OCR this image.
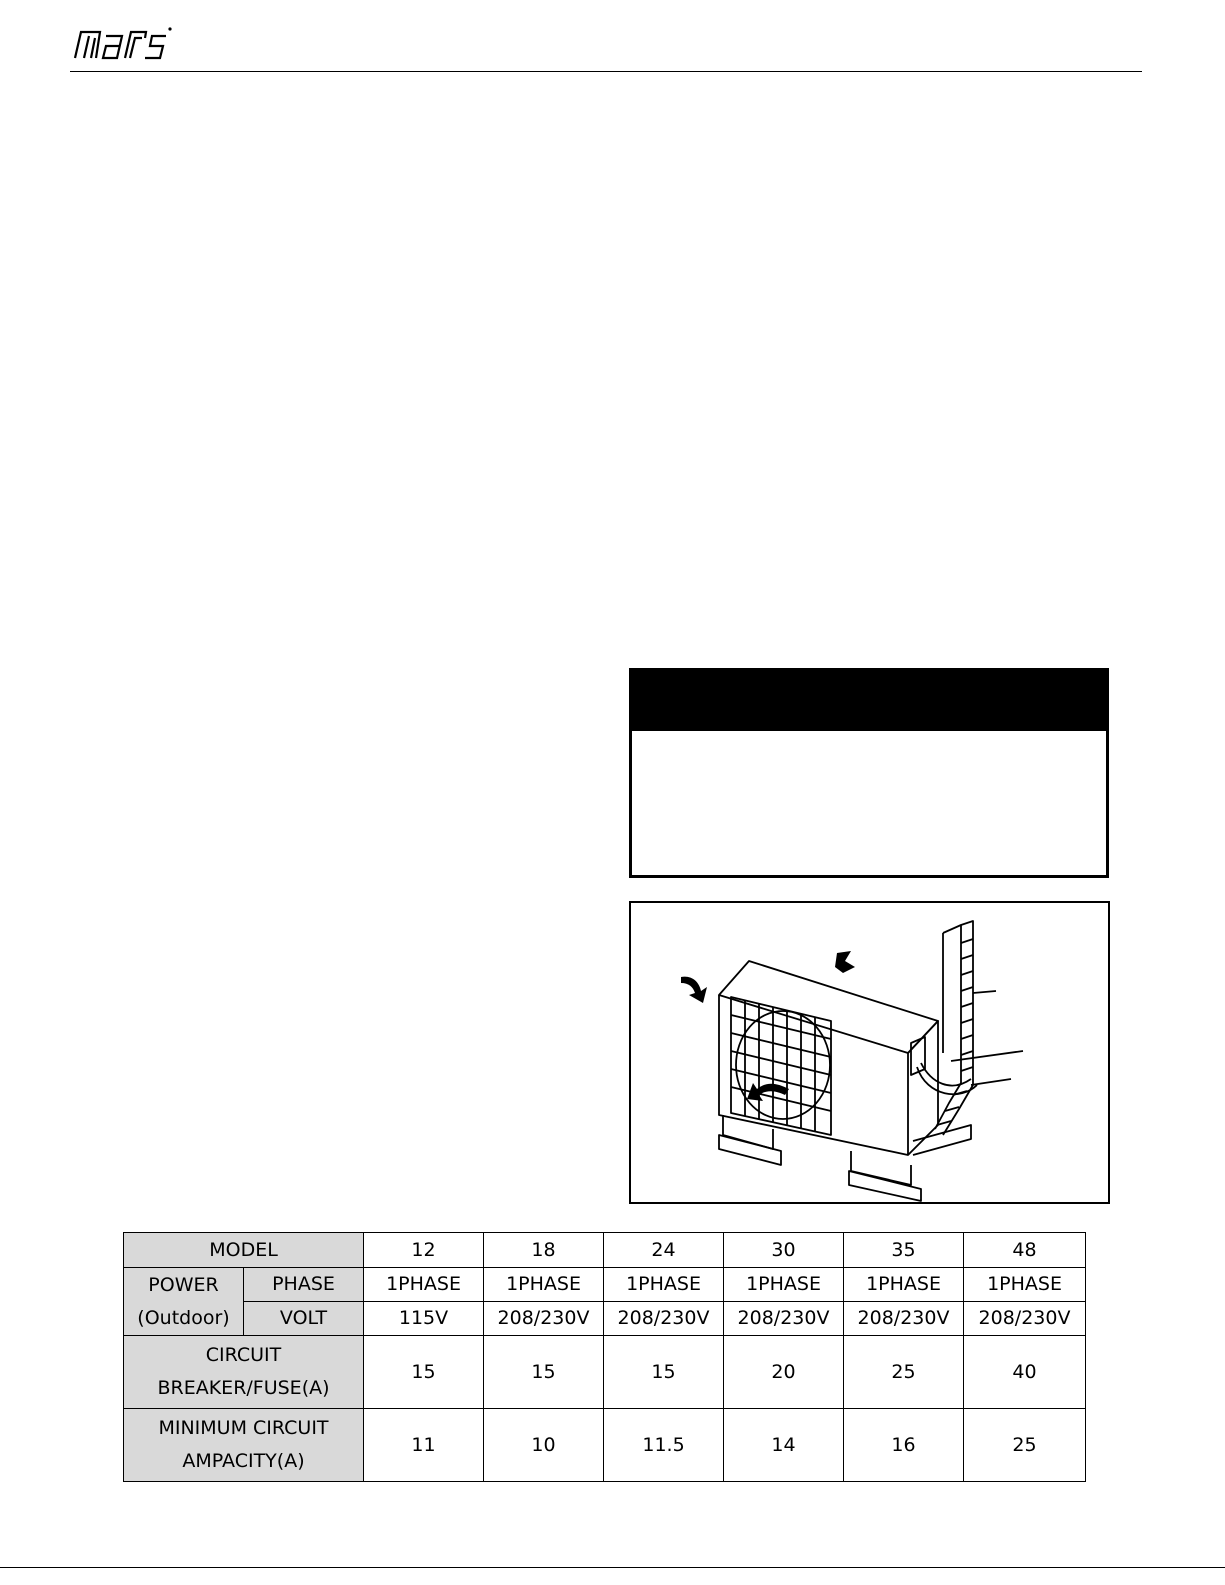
MODEL		12	18	24	30	35	48

POWER
(Outdoor)	PHASE	1PHASE	1PHASE	1PHASE	1PHASE	1PHASE	1PHASE
	VOLT	115V	208/230V	208/230V	208/230V	208/230V	208/230V

CIRCUIT
BREAKER/FUSE(A)		15	15	15	20	25	40

MINIMUM CIRCUIT
AMPACITY(A)		11	10	11.5	14	16	25
